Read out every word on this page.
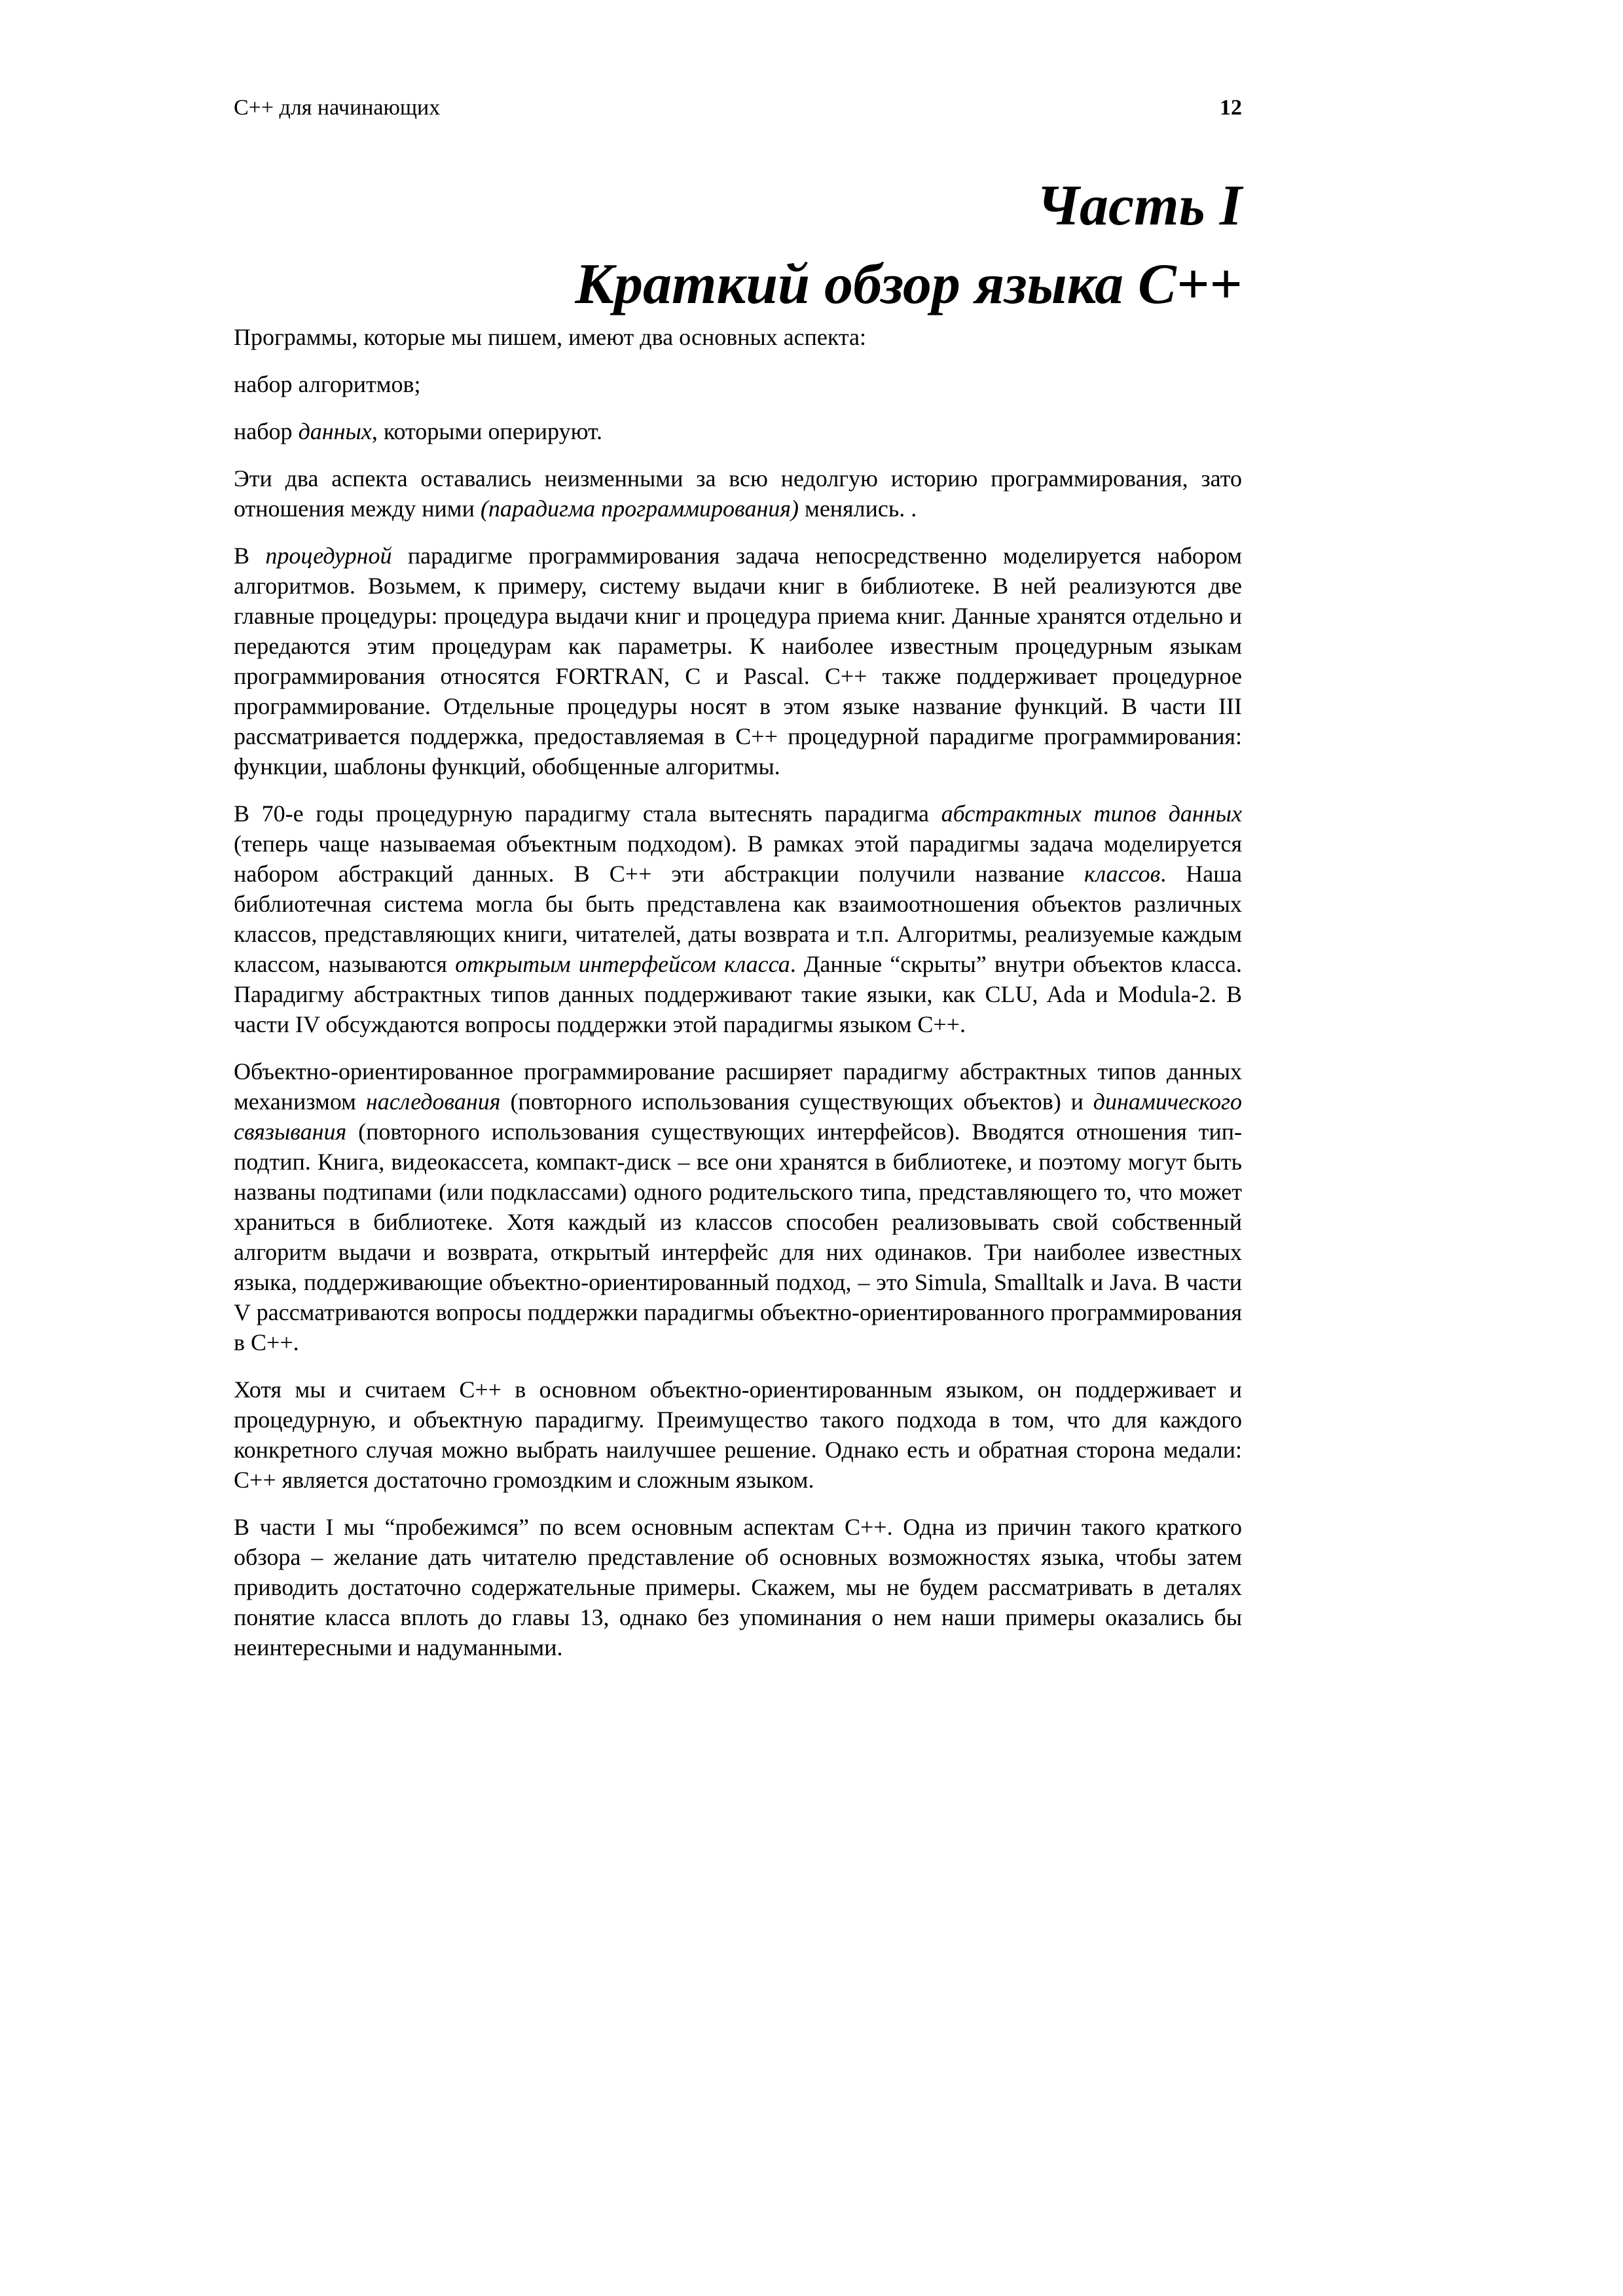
С++ для начинающих	12
Часть I
Краткий обзор языка С++

Программы, которые мы пишем, имеют два основных аспекта:

набор алгоритмов;

набор данных, которыми оперируют.

Эти два аспекта оставались неизменными за всю недолгую историю программирования, зато отношения между ними (парадигма программирования) менялись. .

В процедурной парадигме программирования задача непосредственно моделируется набором алгоритмов. Возьмем, к примеру, систему выдачи книг в библиотеке. В ней реализуются две главные процедуры: процедура выдачи книг и процедура приема книг. Данные хранятся отдельно и передаются этим процедурам как параметры. К наиболее известным процедурным языкам программирования относятся FORTRAN, C и Pascal. С++ также поддерживает процедурное программирование. Отдельные процедуры носят в этом языке название функций. В части III рассматривается поддержка, предоставляемая в С++ процедурной парадигме программирования: функции, шаблоны функций, обобщенные алгоритмы.

В 70-е годы процедурную парадигму стала вытеснять парадигма абстрактных типов данных (теперь чаще называемая объектным подходом). В рамках этой парадигмы задача моделируется набором абстракций данных. В С++ эти абстракции получили название классов. Наша библиотечная система могла бы быть представлена как взаимоотношения объектов различных классов, представляющих книги, читателей, даты возврата и т.п. Алгоритмы, реализуемые каждым классом, называются открытым интерфейсом класса. Данные “скрыты” внутри объектов класса. Парадигму абстрактных типов данных поддерживают такие языки, как CLU, Ada и Modula-2. В части IV обсуждаются вопросы поддержки этой парадигмы языком С++.

Объектно-ориентированное программирование расширяет парадигму абстрактных типов данных механизмом наследования (повторного использования существующих объектов) и динамического связывания (повторного использования существующих интерфейсов). Вводятся отношения тип-подтип. Книга, видеокассета, компакт-диск – все они хранятся в библиотеке, и поэтому могут быть названы подтипами (или подклассами) одного родительского типа, представляющего то, что может храниться в библиотеке. Хотя каждый из классов способен реализовывать свой собственный алгоритм выдачи и возврата, открытый интерфейс для них одинаков. Три наиболее известных языка, поддерживающие объектно-ориентированный подход, – это Simula, Smalltalk и Java. В части V рассматриваются вопросы поддержки парадигмы объектно-ориентированного программирования в С++.

Хотя мы и считаем С++ в основном объектно-ориентированным языком, он поддерживает и процедурную, и объектную парадигму. Преимущество такого подхода в том, что для каждого конкретного случая можно выбрать наилучшее решение. Однако есть и обратная сторона медали: С++ является достаточно громоздким и сложным языком.

В части I мы “пробежимся” по всем основным аспектам С++. Одна из причин такого краткого обзора – желание дать читателю представление об основных возможностях языка, чтобы затем приводить достаточно содержательные примеры. Скажем, мы не будем рассматривать в деталях понятие класса вплоть до главы 13, однако без упоминания о нем наши примеры оказались бы неинтересными и надуманными.
